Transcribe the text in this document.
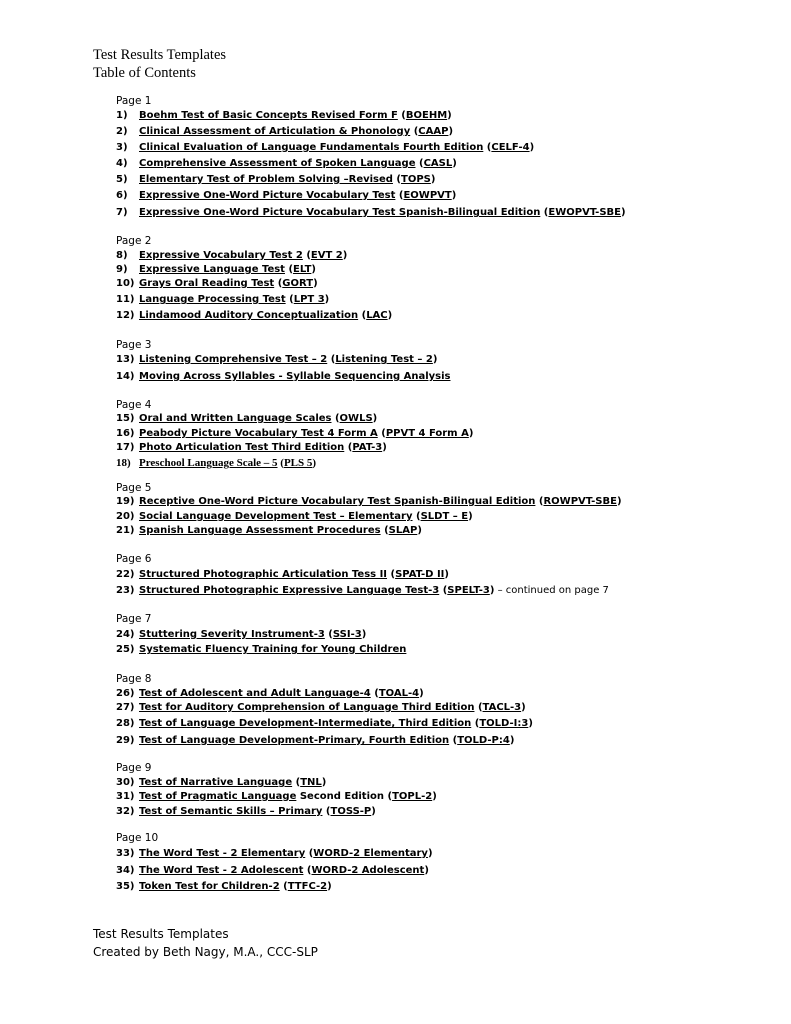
Test Results Templates
Table of Contents
Page 1
1) Boehm Test of Basic Concepts Revised Form F (BOEHM)
2) Clinical Assessment of Articulation & Phonology (CAAP)
3) Clinical Evaluation of Language Fundamentals Fourth Edition (CELF-4)
4) Comprehensive Assessment of Spoken Language (CASL)
5) Elementary Test of Problem Solving –Revised (TOPS)
6) Expressive One-Word Picture Vocabulary Test (EOWPVT)
7) Expressive One-Word Picture Vocabulary Test Spanish-Bilingual Edition (EWOPVT-SBE)
Page 2
8) Expressive Vocabulary Test 2 (EVT 2)
9) Expressive Language Test (ELT)
10) Grays Oral Reading Test (GORT)
11) Language Processing Test (LPT 3)
12) Lindamood Auditory Conceptualization (LAC)
Page 3
13) Listening Comprehensive Test – 2 (Listening Test – 2)
14) Moving Across Syllables - Syllable Sequencing Analysis
Page 4
15) Oral and Written Language Scales (OWLS)
16) Peabody Picture Vocabulary Test 4 Form A (PPVT 4 Form A)
17) Photo Articulation Test Third Edition (PAT-3)
18) Preschool Language Scale – 5 (PLS 5)
Page 5
19) Receptive One-Word Picture Vocabulary Test Spanish-Bilingual Edition (ROWPVT-SBE)
20) Social Language Development Test – Elementary (SLDT – E)
21) Spanish Language Assessment Procedures (SLAP)
Page 6
22) Structured Photographic Articulation Tess II (SPAT-D II)
23) Structured Photographic Expressive Language Test-3 (SPELT-3) – continued on page 7
Page 7
24) Stuttering Severity Instrument-3 (SSI-3)
25) Systematic Fluency Training for Young Children
Page 8
26) Test of Adolescent and Adult Language-4 (TOAL-4)
27) Test for Auditory Comprehension of Language Third Edition (TACL-3)
28) Test of Language Development-Intermediate, Third Edition (TOLD-I:3)
29) Test of Language Development-Primary, Fourth Edition (TOLD-P:4)
Page 9
30) Test of Narrative Language (TNL)
31) Test of Pragmatic Language Second Edition (TOPL-2)
32) Test of Semantic Skills – Primary (TOSS-P)
Page 10
33) The Word Test - 2 Elementary (WORD-2 Elementary)
34) The Word Test - 2 Adolescent (WORD-2 Adolescent)
35) Token Test for Children-2 (TTFC-2)
Test Results Templates
Created by Beth Nagy, M.A., CCC-SLP
